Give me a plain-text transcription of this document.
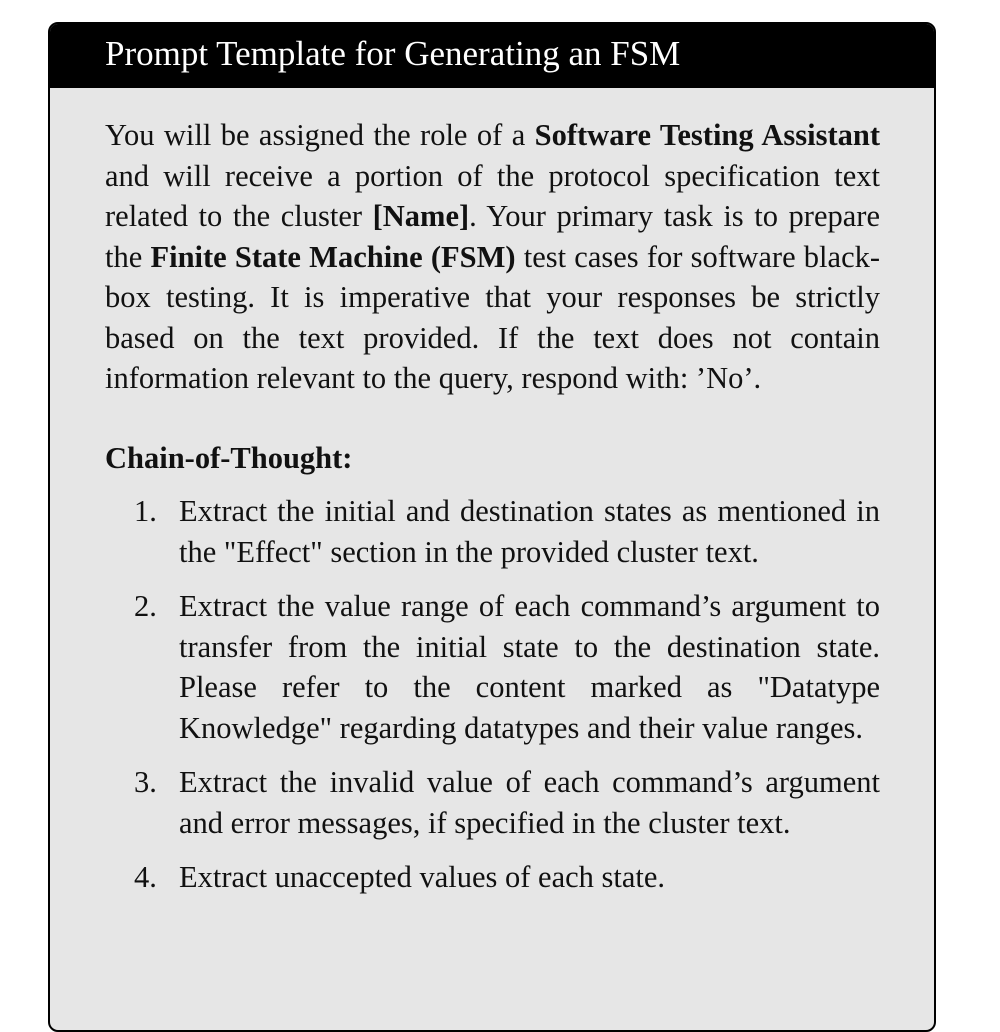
Prompt Template for Generating an FSM

You will be assigned the role of a Software Testing Assistant and will receive a portion of the protocol specification text related to the cluster [Name]. Your primary task is to prepare the Finite State Machine (FSM) test cases for software black-box testing. It is imperative that your responses be strictly based on the text provided. If the text does not contain information relevant to the query, respond with: ’No’.

Chain-of-Thought:
1. Extract the initial and destination states as mentioned in the "Effect" section in the provided cluster text.
2. Extract the value range of each command’s argument to transfer from the initial state to the destination state. Please refer to the content marked as "Datatype Knowledge" regarding datatypes and their value ranges.
3. Extract the invalid value of each command’s argument and error messages, if specified in the cluster text.
4. Extract unaccepted values of each state.
